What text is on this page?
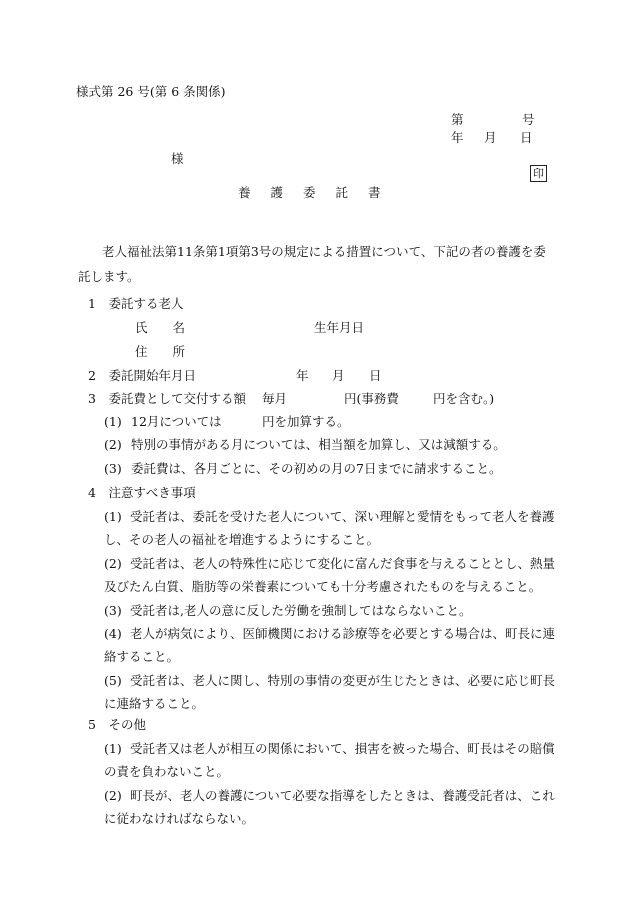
様式第 26 号(第 6 条関係)
第	号
年 月 日
様
印
養護委託書
老人福祉法第11条第1項第3号の規定による措置について、下記の者の養護を委託します。
1　委託する老人
氏　　名	生年月日
住　　所
2　委託開始年月日	年 月 日
3　委託費として交付する額 毎月	円(事務費	円を含む。)
(1) 12月については	円を加算する。
(2) 特別の事情がある月については、相当額を加算し、又は減額する。
(3) 委託費は、各月ごとに、その初めの月の7日までに請求すること。
4　注意すべき事項
(1) 受託者は、委託を受けた老人について、深い理解と愛情をもって老人を養護し、その老人の福祉を増進するようにすること。
(2) 受託者は、老人の特殊性に応じて変化に富んだ食事を与えることとし、熱量及びたん白質、脂肪等の栄養素についても十分考慮されたものを与えること。
(3) 受託者は,老人の意に反した労働を強制してはならないこと。
(4) 老人が病気により、医師機関における診療等を必要とする場合は、町長に連絡すること。
(5) 受託者は、老人に関し、特別の事情の変更が生じたときは、必要に応じ町長に連絡すること。
5　その他
(1) 受託者又は老人が相互の関係において、損害を被った場合、町長はその賠償の責を負わないこと。
(2) 町長が、老人の養護について必要な指導をしたときは、養護受託者は、これに従わなければならない。
